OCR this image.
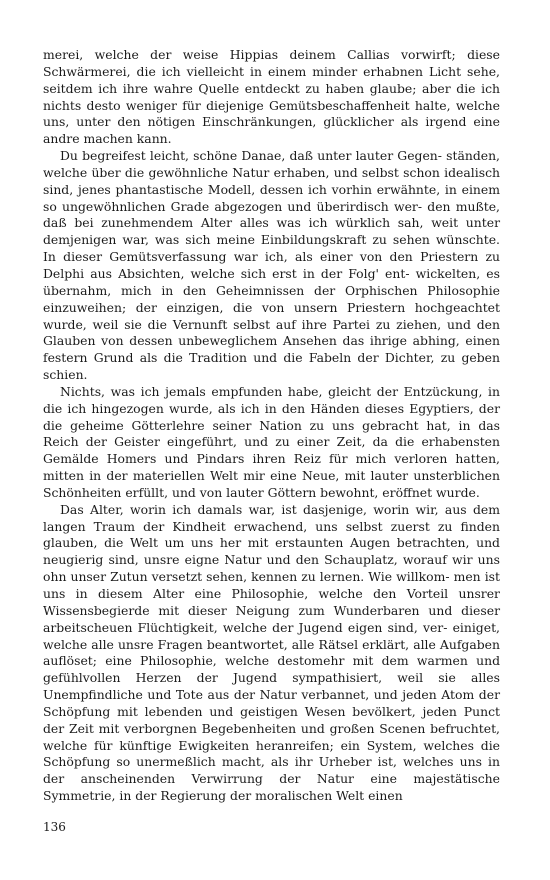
merei, welche der weise Hippias deinem Callias vorwirft; diese Schwärmerei, die ich vielleicht in einem minder erhabnen Licht sehe, seitdem ich ihre wahre Quelle entdeckt zu haben glaube; aber die ich nichts desto weniger für diejenige Gemütsbeschaffenheit halte, welche uns, unter den nötigen Einschränkungen, glücklicher als irgend eine andre machen kann.

Du begreifest leicht, schöne Danae, daß unter lauter Gegen- ständen, welche über die gewöhnliche Natur erhaben, und selbst schon idealisch sind, jenes phantastische Modell, dessen ich vorhin erwähnte, in einem so ungewöhnlichen Grade abgezogen und überirdisch wer- den mußte, daß bei zunehmendem Alter alles was ich würklich sah, weit unter demjenigen war, was sich meine Einbildungskraft zu sehen wünschte. In dieser Gemütsverfassung war ich, als einer von den Priestern zu Delphi aus Absichten, welche sich erst in der Folg' ent- wickelten, es übernahm, mich in den Geheimnissen der Orphischen Philosophie einzuweihen; der einzigen, die von unsern Priestern hochgeachtet wurde, weil sie die Vernunft selbst auf ihre Partei zu ziehen, und den Glauben von dessen unbeweglichem Ansehen das ihrige abhing, einen festern Grund als die Tradition und die Fabeln der Dichter, zu geben schien.

Nichts, was ich jemals empfunden habe, gleicht der Entzückung, in die ich hingezogen wurde, als ich in den Händen dieses Egyptiers, der die geheime Götterlehre seiner Nation zu uns gebracht hat, in das Reich der Geister eingeführt, und zu einer Zeit, da die erhabensten Gemälde Homers und Pindars ihren Reiz für mich verloren hatten, mitten in der materiellen Welt mir eine Neue, mit lauter unsterblichen Schönheiten erfüllt, und von lauter Göttern bewohnt, eröffnet wurde.

Das Alter, worin ich damals war, ist dasjenige, worin wir, aus dem langen Traum der Kindheit erwachend, uns selbst zuerst zu finden glauben, die Welt um uns her mit erstaunten Augen betrachten, und neugierig sind, unsre eigne Natur und den Schauplatz, worauf wir uns ohn unser Zutun versetzt sehen, kennen zu lernen. Wie willkom- men ist uns in diesem Alter eine Philosophie, welche den Vorteil unsrer Wissensbegierde mit dieser Neigung zum Wunderbaren und dieser arbeitscheuen Flüchtigkeit, welche der Jugend eigen sind, ver- einiget, welche alle unsre Fragen beantwortet, alle Rätsel erklärt, alle Aufgaben auflöset; eine Philosophie, welche destomehr mit dem warmen und gefühlvollen Herzen der Jugend sympathisiert, weil sie alles Unempfindliche und Tote aus der Natur verbannet, und jeden Atom der Schöpfung mit lebenden und geistigen Wesen bevölkert, jeden Punct der Zeit mit verborgnen Begebenheiten und großen Scenen befruchtet, welche für künftige Ewigkeiten heranreifen; ein System, welches die Schöpfung so unermeßlich macht, als ihr Urheber ist, welches uns in der anscheinenden Verwirrung der Natur eine majestätische Symmetrie, in der Regierung der moralischen Welt einen

136
